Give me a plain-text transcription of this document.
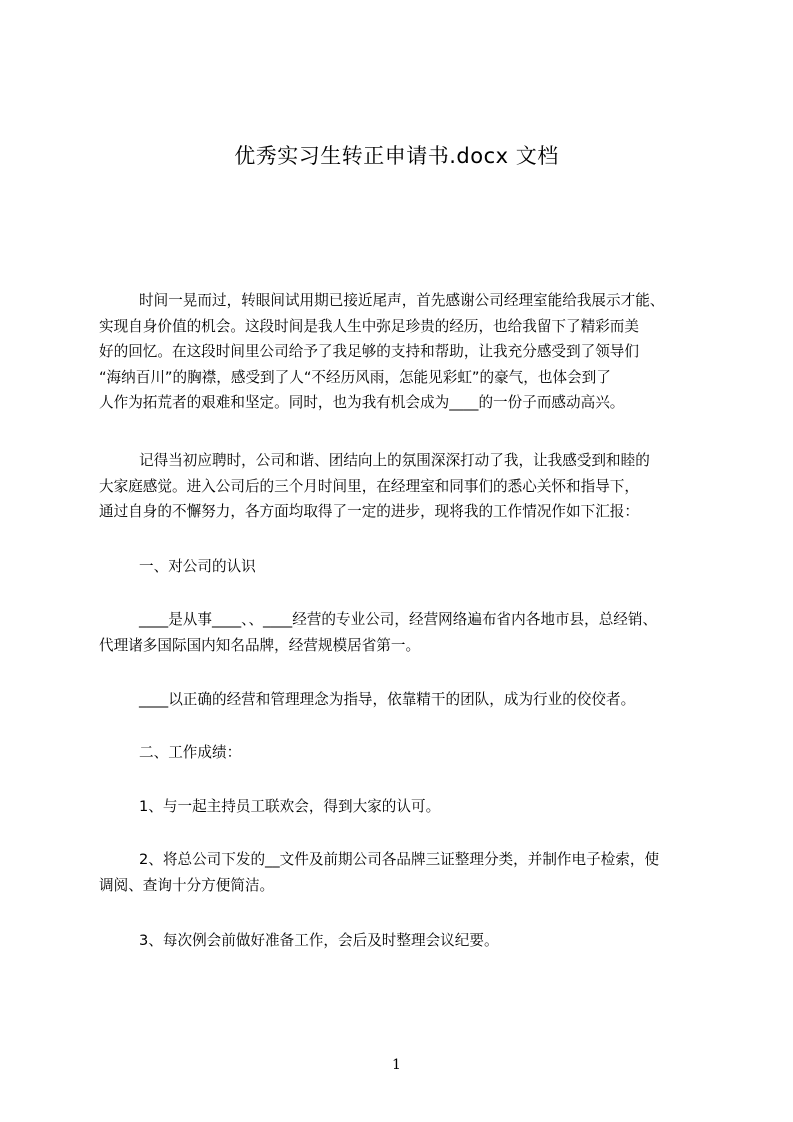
优秀实习生转正申请书.docx 文档
时间一晃而过，转眼间试用期已接近尾声，首先感谢公司经理室能给我展示才能、
实现自身价值的机会。这段时间是我人生中弥足珍贵的经历，也给我留下了精彩而美
好的回忆。在这段时间里公司给予了我足够的支持和帮助，让我充分感受到了领导们
“海纳百川”的胸襟，感受到了人“不经历风雨，怎能见彩虹”的豪气，也体会到了
人作为拓荒者的艰难和坚定。同时，也为我有机会成为____的一份子而感动高兴。
记得当初应聘时，公司和谐、团结向上的氛围深深打动了我，让我感受到和睦的
大家庭感觉。进入公司后的三个月时间里，在经理室和同事们的悉心关怀和指导下，
通过自身的不懈努力，各方面均取得了一定的进步，现将我的工作情况作如下汇报：
一、对公司的认识
____是从事____、、____经营的专业公司，经营网络遍布省内各地市县，总经销、
代理诸多国际国内知名品牌，经营规模居省第一。
____以正确的经营和管理理念为指导，依靠精干的团队，成为行业的佼佼者。
二、工作成绩：
1、与一起主持员工联欢会，得到大家的认可。
2、将总公司下发的__文件及前期公司各品牌三证整理分类，并制作电子检索，使
调阅、查询十分方便简洁。
3、每次例会前做好准备工作，会后及时整理会议纪要。
1
